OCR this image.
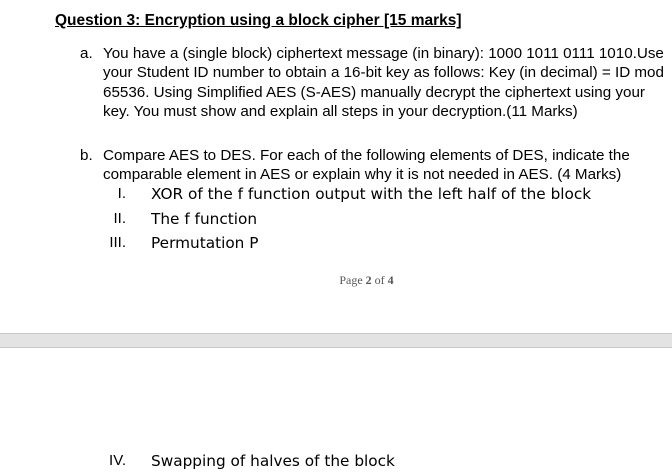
Question 3: Encryption using a block cipher [15 marks]
a. You have a (single block) ciphertext message (in binary): 1000 1011 0111 1010.Use your Student ID number to obtain a 16-bit key as follows: Key (in decimal) = ID mod 65536. Using Simplified AES (S-AES) manually decrypt the ciphertext using your key. You must show and explain all steps in your decryption.(11 Marks)
b. Compare AES to DES. For each of the following elements of DES, indicate the comparable element in AES or explain why it is not needed in AES. (4 Marks)
I. XOR of the f function output with the left half of the block
II. The f function
III. Permutation P
Page 2 of 4
IV. Swapping of halves of the block
